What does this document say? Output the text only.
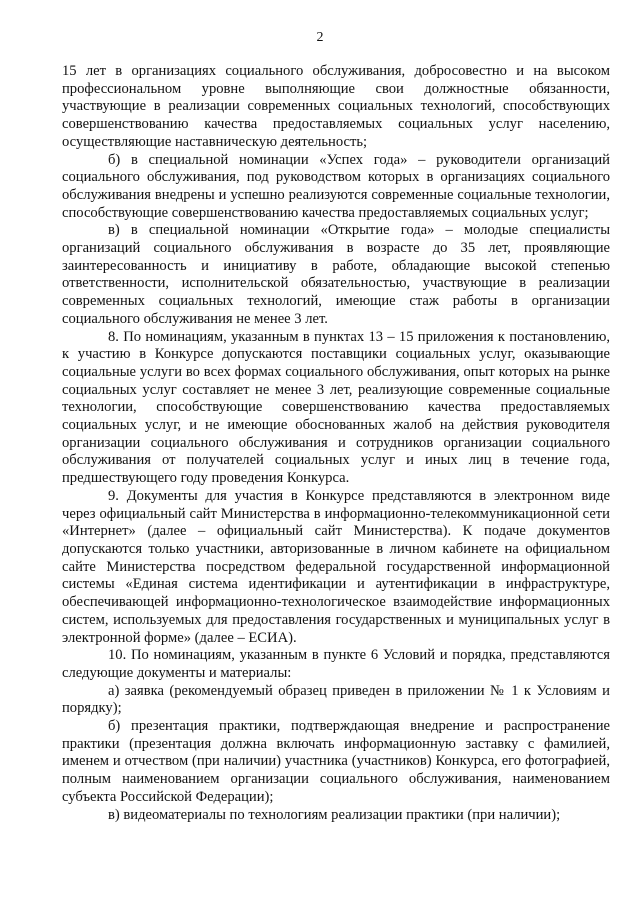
2

15 лет в организациях социального обслуживания, добросовестно и на высоком профессиональном уровне выполняющие свои должностные обязанности, участвующие в реализации современных социальных технологий, способствующих совершенствованию качества предоставляемых социальных услуг населению, осуществляющие наставническую деятельность;

б) в специальной номинации «Успех года» – руководители организаций социального обслуживания, под руководством которых в организациях социального обслуживания внедрены и успешно реализуются современные социальные технологии, способствующие совершенствованию качества предоставляемых социальных услуг;

в) в специальной номинации «Открытие года» – молодые специалисты организаций социального обслуживания в возрасте до 35 лет, проявляющие заинтересованность и инициативу в работе, обладающие высокой степенью ответственности, исполнительской обязательностью, участвующие в реализации современных социальных технологий, имеющие стаж работы в организации социального обслуживания не менее 3 лет.

8. По номинациям, указанным в пунктах 13 – 15 приложения к постановлению, к участию в Конкурсе допускаются поставщики социальных услуг, оказывающие социальные услуги во всех формах социального обслуживания, опыт которых на рынке социальных услуг составляет не менее 3 лет, реализующие современные социальные технологии, способствующие совершенствованию качества предоставляемых социальных услуг, и не имеющие обоснованных жалоб на действия руководителя организации социального обслуживания и сотрудников организации социального обслуживания от получателей социальных услуг и иных лиц в течение года, предшествующего году проведения Конкурса.

9. Документы для участия в Конкурсе представляются в электронном виде через официальный сайт Министерства в информационно-телекоммуникационной сети «Интернет» (далее – официальный сайт Министерства). К подаче документов допускаются только участники, авторизованные в личном кабинете на официальном сайте Министерства посредством федеральной государственной информационной системы «Единая система идентификации и аутентификации в инфраструктуре, обеспечивающей информационно-технологическое взаимодействие информационных систем, используемых для предоставления государственных и муниципальных услуг в электронной форме» (далее – ЕСИА).

10. По номинациям, указанным в пункте 6 Условий и порядка, представляются следующие документы и материалы:

а) заявка (рекомендуемый образец приведен в приложении № 1 к Условиям и порядку);

б) презентация практики, подтверждающая внедрение и распространение практики (презентация должна включать информационную заставку с фамилией, именем и отчеством (при наличии) участника (участников) Конкурса, его фотографией, полным наименованием организации социального обслуживания, наименованием субъекта Российской Федерации);

в) видеоматериалы по технологиям реализации практики (при наличии);
